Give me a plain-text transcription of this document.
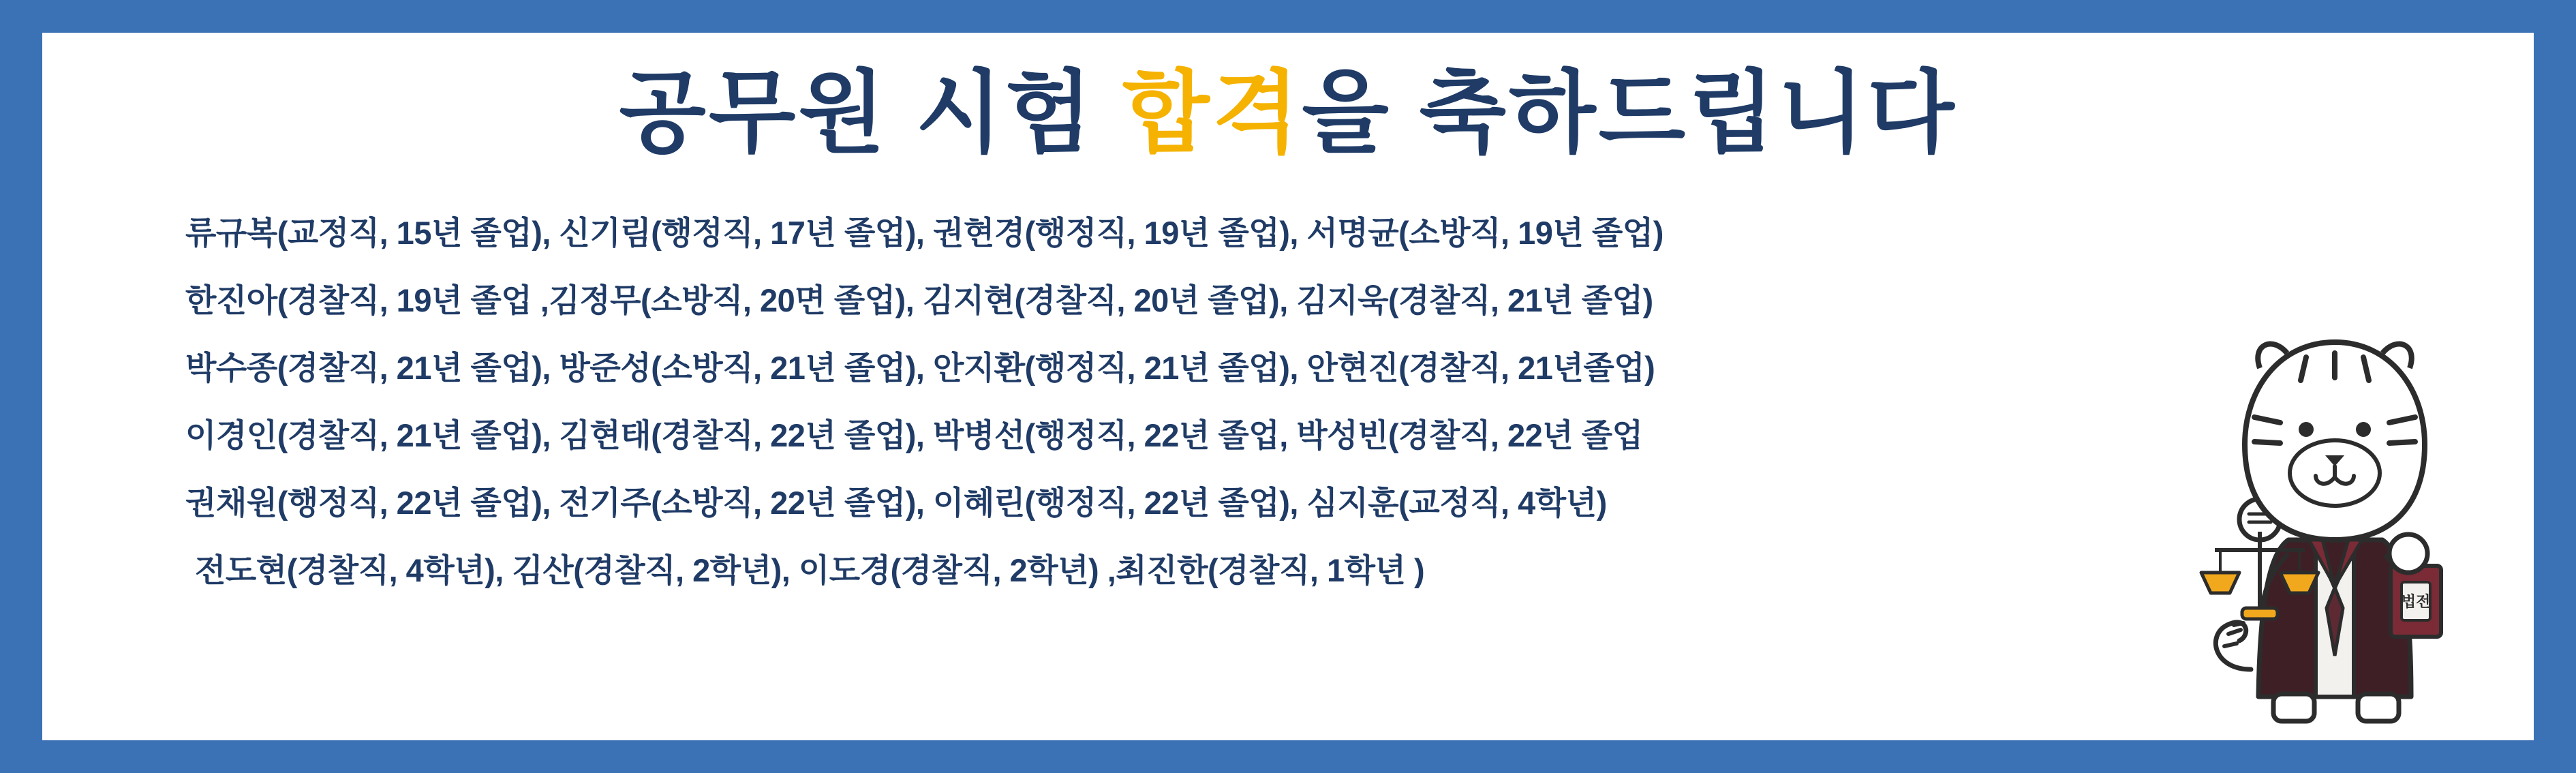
공무원 시험 합격을 축하드립니다
류규복(교정직, 15년 졸업), 신기림(행정직, 17년 졸업), 권현경(행정직, 19년 졸업), 서명균(소방직, 19년 졸업)
한진아(경찰직, 19년 졸업 ,김정무(소방직, 20면 졸업), 김지현(경찰직, 20년 졸업), 김지욱(경찰직, 21년 졸업)
박수종(경찰직, 21년 졸업), 방준성(소방직, 21년 졸업), 안지환(행정직, 21년 졸업), 안현진(경찰직, 21년졸업)
이경인(경찰직, 21년 졸업), 김현태(경찰직, 22년 졸업), 박병선(행정직, 22년 졸업, 박성빈(경찰직, 22년 졸업
권채원(행정직, 22년 졸업), 전기주(소방직, 22년 졸업), 이혜린(행정직, 22년 졸업), 심지훈(교정직, 4학년)
전도현(경찰직, 4학년), 김산(경찰직, 2학년), 이도경(경찰직, 2학년) ,최진한(경찰직, 1학년 )
법전
